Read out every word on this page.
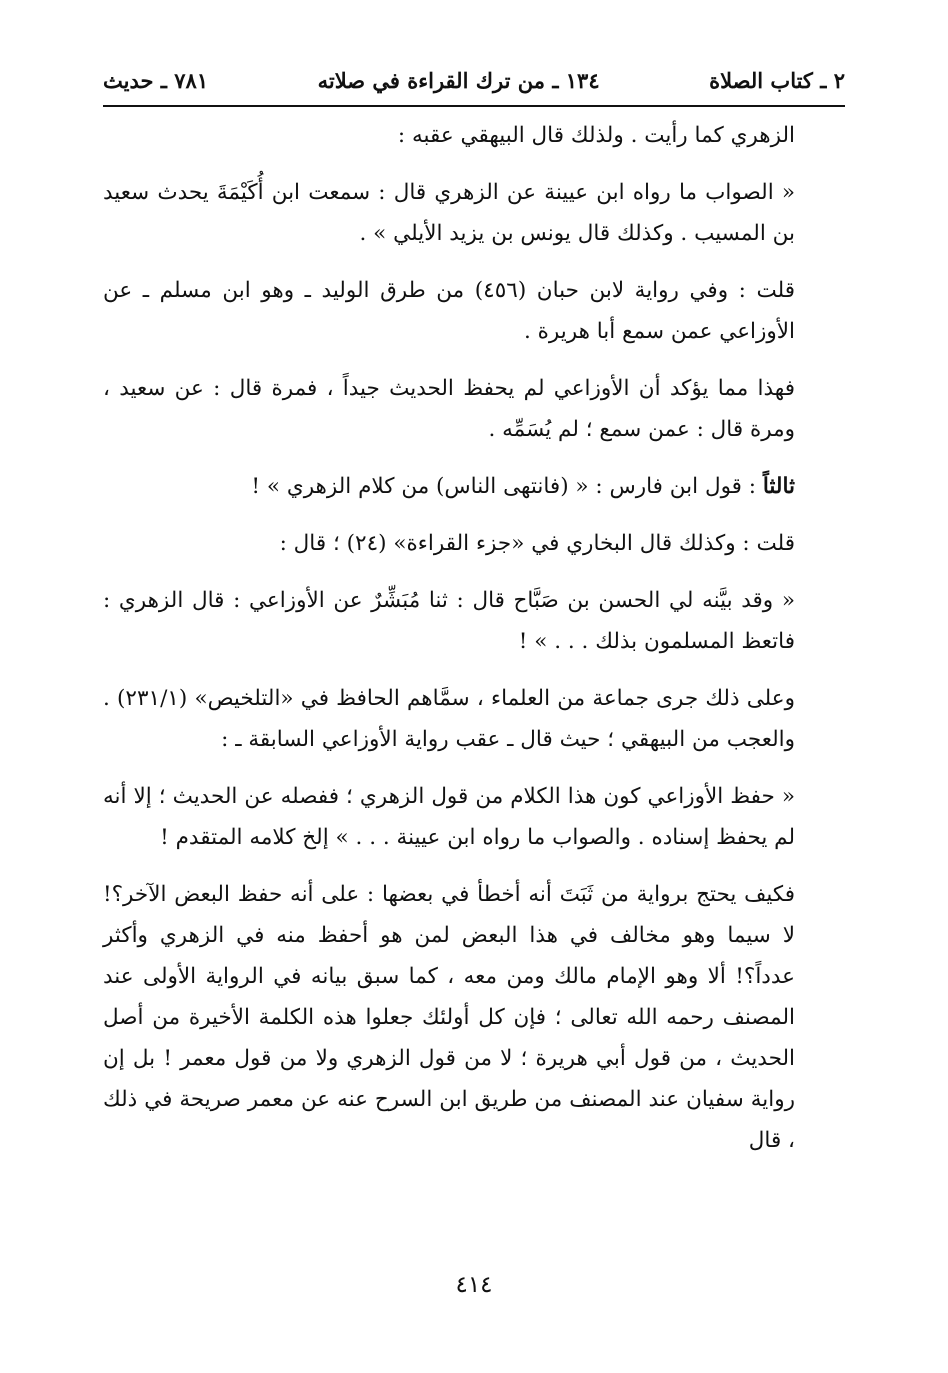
٢ ـ كتاب الصلاة
١٣٤ ـ من ترك القراءة في صلاته
٧٨١ ـ حديث

الزهري كما رأيت . ولذلك قال البيهقي عقبه :

« الصواب ما رواه ابن عيينة عن الزهري قال : سمعت ابن أُكَيْمَةَ يحدث سعيد بن المسيب . وكذلك قال يونس بن يزيد الأيلي » .

قلت : وفي رواية لابن حبان (٤٥٦) من طرق الوليد ـ وهو ابن مسلم ـ عن الأوزاعي عمن سمع أبا هريرة .

فهذا مما يؤكد أن الأوزاعي لم يحفظ الحديث جيداً ، فمرة قال : عن سعيد ، ومرة قال : عمن سمع ؛ لم يُسَمِّه .

ثالثاً : قول ابن فارس : « (فانتهى الناس) من كلام الزهري » !

قلت : وكذلك قال البخاري في «جزء القراءة» (٢٤) ؛ قال :

« وقد بيَّنه لي الحسن بن صَبَّاح قال : ثنا مُبَشِّرٌ عن الأوزاعي : قال الزهري : فاتعظ المسلمون بذلك . . . » !

وعلى ذلك جرى جماعة من العلماء ، سمَّاهم الحافظ في «التلخيص» (٢٣١/١) . والعجب من البيهقي ؛ حيث قال ـ عقب رواية الأوزاعي السابقة ـ :

« حفظ الأوزاعي كون هذا الكلام من قول الزهري ؛ ففصله عن الحديث ؛ إلا أنه لم يحفظ إسناده . والصواب ما رواه ابن عيينة . . . » إلخ كلامه المتقدم !

فكيف يحتج برواية من ثَبَتَ أنه أخطأ في بعضها : على أنه حفظ البعض الآخر؟! لا سيما وهو مخالف في هذا البعض لمن هو أحفظ منه في الزهري وأكثر عدداً؟! ألا وهو الإمام مالك ومن معه ، كما سبق بيانه في الرواية الأولى عند المصنف رحمه الله تعالى ؛ فإن كل أولئك جعلوا هذه الكلمة الأخيرة من أصل الحديث ، من قول أبي هريرة ؛ لا من قول الزهري ولا من قول معمر ! بل إن رواية سفيان عند المصنف من طريق ابن السرح عنه عن معمر صريحة في ذلك ، قال

٤١٤
